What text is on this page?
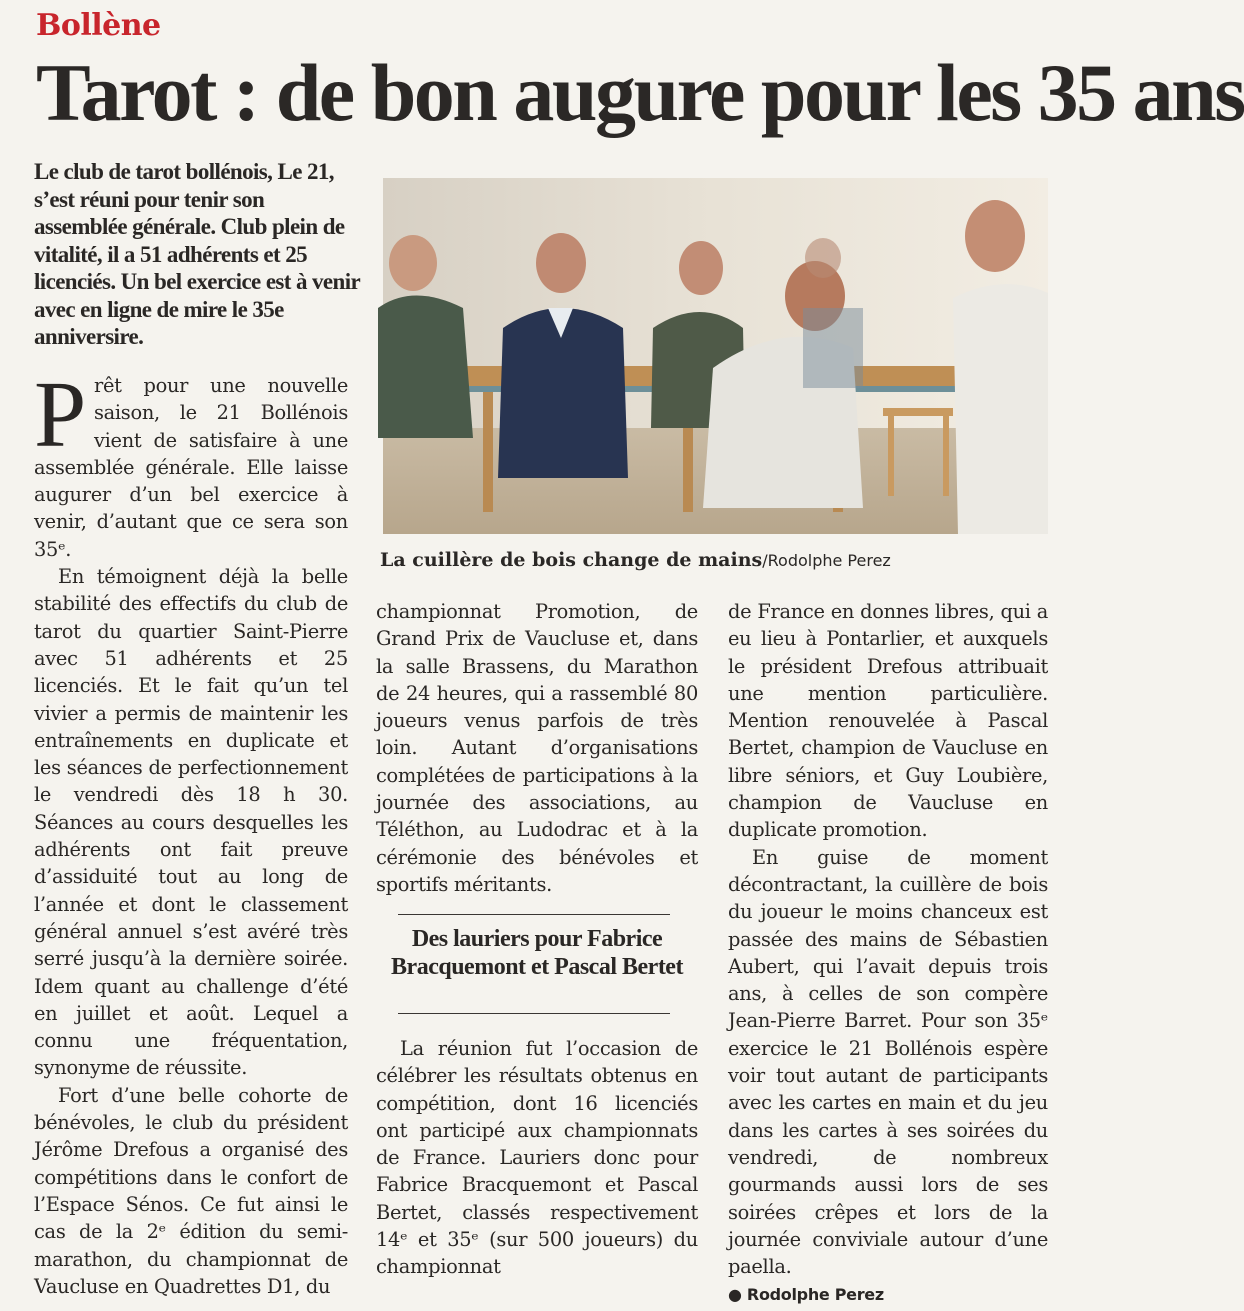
Bollène
Tarot : de bon augure pour les 35 ans
Le club de tarot bollénois, Le 21, s’est réuni pour tenir son assemblée générale. Club plein de vitalité, il a 51 adhérents et 25 licenciés. Un bel exercice est à venir avec en ligne de mire le 35e anniversire.
La cuillère de bois change de mains/Rodolphe Perez

Prêt pour une nouvelle saison, le 21 Bollénois vient de satisfaire à une assemblée générale. Elle laisse augurer d’un bel exercice à venir, d’autant que ce sera son 35ᵉ.

En témoignent déjà la belle stabilité des effectifs du club de tarot du quartier Saint-Pierre avec 51 adhérents et 25 licenciés. Et le fait qu’un tel vivier a permis de maintenir les entraînements en duplicate et les séances de perfectionnement le vendredi dès 18 h 30. Séances au cours desquelles les adhérents ont fait preuve d’assiduité tout au long de l’année et dont le classement général annuel s’est avéré très serré jusqu’à la dernière soirée. Idem quant au challenge d’été en juillet et août. Lequel a connu une fréquentation, synonyme de réussite.

Fort d’une belle cohorte de bénévoles, le club du président Jérôme Drefous a organisé des compétitions dans le confort de l’Espace Sénos. Ce fut ainsi le cas de la 2ᵉ édition du semi-marathon, du championnat de Vaucluse en Quadrettes D1, du

championnat Promotion, de Grand Prix de Vaucluse et, dans la salle Brassens, du Marathon de 24 heures, qui a rassemblé 80 joueurs venus parfois de très loin. Autant d’organisations complétées de participations à la journée des associations, au Téléthon, au Ludodrac et à la cérémonie des bénévoles et sportifs méritants.

Des lauriers pour Fabrice Bracquemont et Pascal Bertet

La réunion fut l’occasion de célébrer les résultats obtenus en compétition, dont 16 licenciés ont participé aux championnats de France. Lauriers donc pour Fabrice Bracquemont et Pascal Bertet, classés respectivement 14ᵉ et 35ᵉ (sur 500 joueurs) du championnat

de France en donnes libres, qui a eu lieu à Pontarlier, et auxquels le président Drefous attribuait une mention particulière. Mention renouvelée à Pascal Bertet, champion de Vaucluse en libre séniors, et Guy Loubière, champion de Vaucluse en duplicate promotion.

En guise de moment décontractant, la cuillère de bois du joueur le moins chanceux est passée des mains de Sébastien Aubert, qui l’avait depuis trois ans, à celles de son compère Jean-Pierre Barret. Pour son 35ᵉ exercice le 21 Bollénois espère voir tout autant de participants avec les cartes en main et du jeu dans les cartes à ses soirées du vendredi, de nombreux gourmands aussi lors de ses soirées crêpes et lors de la journée conviviale autour d’une paella.

● Rodolphe Perez
